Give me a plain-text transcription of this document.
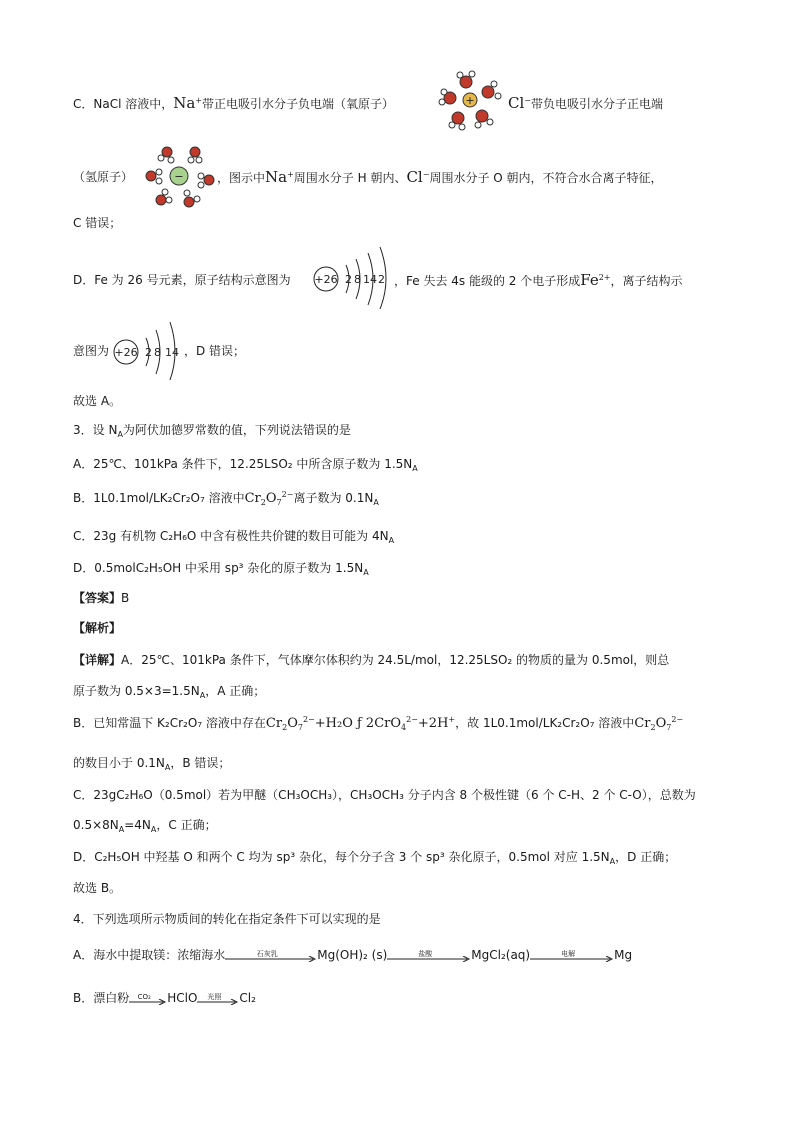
C．NaCl 溶液中，Na+带正电吸引水分子负电端（氧原子）	+ Cl−带负电吸引水分子正电端
（氢原子）	−	，图示中Na+周围水分子 H 朝内、Cl−周围水分子 O 朝内，不符合水合离子特征，
C 错误；
D．Fe 为 26 号元素，原子结构示意图为 +26 2 8 14 2 ，Fe 失去 4s 能级的 2 个电子形成$Fe^{2+}$，离子结构示
意图为 +26 2 8 14 ，D 错误；
故选 A。
3．设 $N_A$为阿伏加德罗常数的值，下列说法错误的是
A．25℃、101kPa 条件下，12.25LSO₂ 中所含原子数为 $1.5N_A$
B．1L0.1mol/LK₂Cr₂O₇ 溶液中$Cr_2O_7^{2-}$离子数为 $0.1N_A$
C．23g 有机物 C₂H₆O 中含有极性共价键的数目可能为 $4N_A$
D．0.5molC₂H₅OH 中采用 sp³ 杂化的原子数为 $1.5N_A$
【答案】B
【解析】
【详解】A．25℃、101kPa 条件下，气体摩尔体积约为 24.5L/mol，12.25LSO₂ 的物质的量为 0.5mol，则总
原子数为 $0.5\times 3=1.5N_A$，A 正确；
B．已知常温下 K₂Cr₂O₇ 溶液中存在$Cr_2O_7^{2-}+H_2O$ ƒ 2CrO$_4^{2-}$+2H+，故 1L0.1mol/LK₂Cr₂O₇ 溶液中$Cr_2O_7^{2-}$
的数目小于 $0.1N_A$，B 错误；
C．23gC₂H₆O（0.5mol）若为甲醚（CH₃OCH₃），CH₃OCH₃ 分子内含 8 个极性键（6 个 C-H、2 个 C-O），总数为
$0.5\times 8N_A=4N_A$，C 正确；
D．C₂H₅OH 中羟基 O 和两个 C 均为 sp³ 杂化，每个分子含 3 个 sp³ 杂化原子，0.5mol 对应 $1.5N_A$，D 正确；
故选 B。
4．下列选项所示物质间的转化在指定条件下可以实现的是
A．海水中提取镁：浓缩海水	石灰乳	Mg(OH)₂ (s)	盐酸	MgCl₂(aq)	电解	Mg
B．漂白粉	CO₂	HClO	光照	Cl₂
